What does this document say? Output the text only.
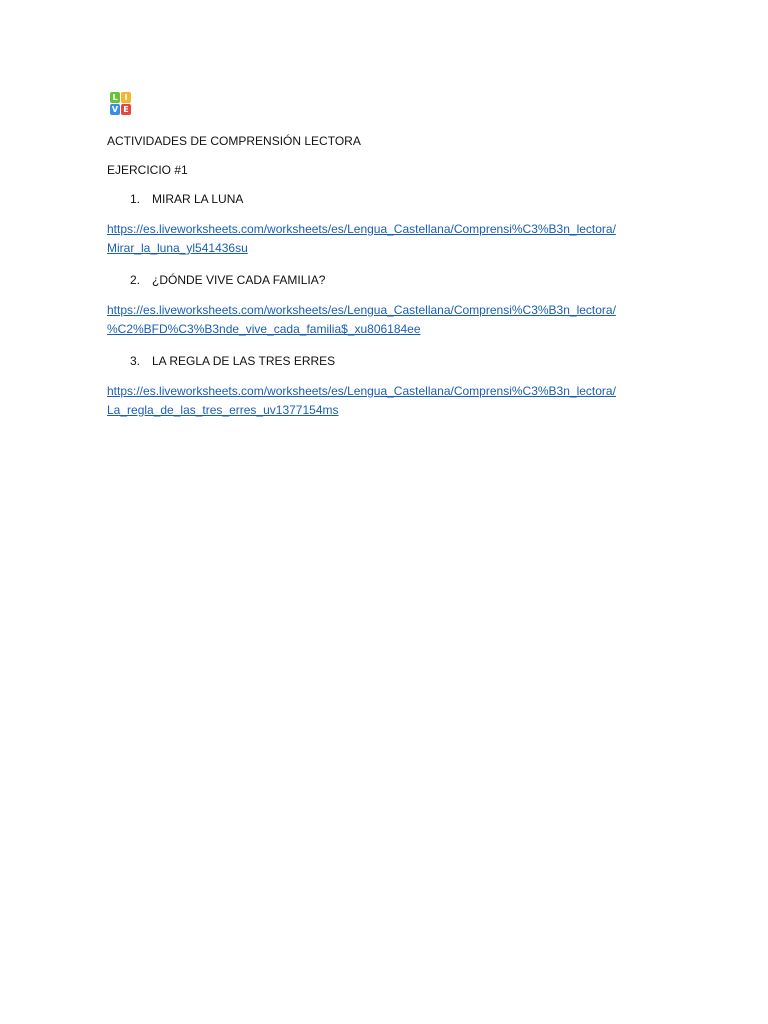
L I
V E

ACTIVIDADES DE COMPRENSIÓN LECTORA

EJERCICIO #1

1. MIRAR LA LUNA
https://es.liveworksheets.com/worksheets/es/Lengua_Castellana/Comprensi%C3%B3n_lectora/
Mirar_la_luna_yl541436su
2. ¿DÓNDE VIVE CADA FAMILIA?
https://es.liveworksheets.com/worksheets/es/Lengua_Castellana/Comprensi%C3%B3n_lectora/
%C2%BFD%C3%B3nde_vive_cada_familia$_xu806184ee
3. LA REGLA DE LAS TRES ERRES
https://es.liveworksheets.com/worksheets/es/Lengua_Castellana/Comprensi%C3%B3n_lectora/
La_regla_de_las_tres_erres_uv1377154ms
